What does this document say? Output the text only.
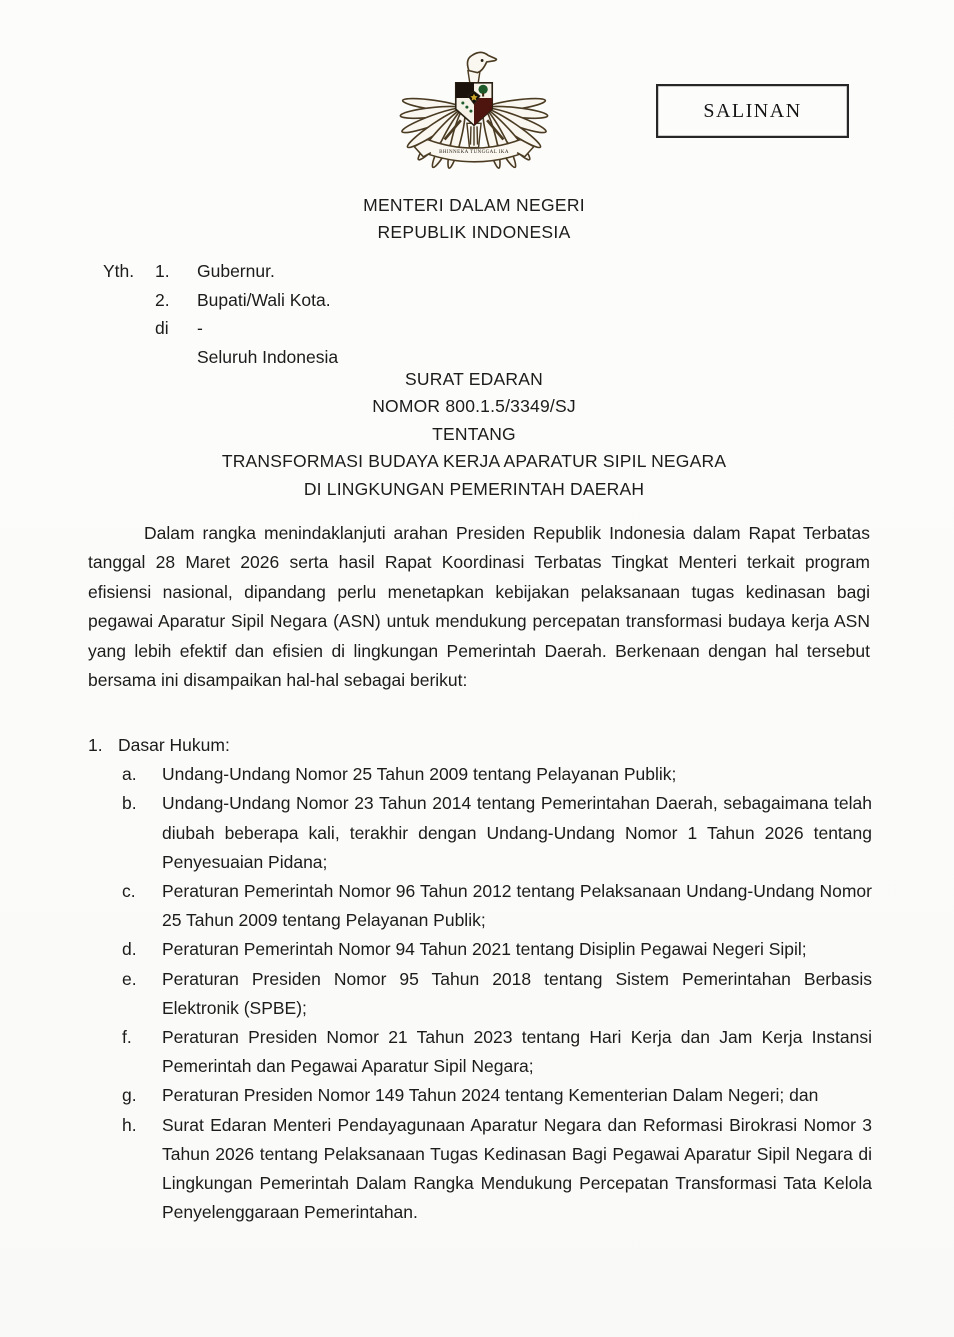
BHINNEKA TUNGGAL IKA
SALINAN
MENTERI DALAM NEGERI
REPUBLIK INDONESIA
Yth.	1.	Gubernur.
2.	Bupati/Wali Kota.
di	-
Seluruh Indonesia
SURAT EDARAN
NOMOR 800.1.5/3349/SJ
TENTANG
TRANSFORMASI BUDAYA KERJA APARATUR SIPIL NEGARA
DI LINGKUNGAN PEMERINTAH DAERAH
Dalam rangka menindaklanjuti arahan Presiden Republik Indonesia dalam Rapat Terbatas tanggal 28 Maret 2026 serta hasil Rapat Koordinasi Terbatas Tingkat Menteri terkait program efisiensi nasional, dipandang perlu menetapkan kebijakan pelaksanaan tugas kedinasan bagi pegawai Aparatur Sipil Negara (ASN) untuk mendukung percepatan transformasi budaya kerja ASN yang lebih efektif dan efisien di lingkungan Pemerintah Daerah. Berkenaan dengan hal tersebut bersama ini disampaikan hal-hal sebagai berikut:
1. Dasar Hukum:
a.	Undang-Undang Nomor 25 Tahun 2009 tentang Pelayanan Publik;
b.	Undang-Undang Nomor 23 Tahun 2014 tentang Pemerintahan Daerah, sebagaimana telah diubah beberapa kali, terakhir dengan Undang-Undang Nomor 1 Tahun 2026 tentang Penyesuaian Pidana;
c.	Peraturan Pemerintah Nomor 96 Tahun 2012 tentang Pelaksanaan Undang-Undang Nomor 25 Tahun 2009 tentang Pelayanan Publik;
d.	Peraturan Pemerintah Nomor 94 Tahun 2021 tentang Disiplin Pegawai Negeri Sipil;
e.	Peraturan Presiden Nomor 95 Tahun 2018 tentang Sistem Pemerintahan Berbasis Elektronik (SPBE);
f.	Peraturan Presiden Nomor 21 Tahun 2023 tentang Hari Kerja dan Jam Kerja Instansi Pemerintah dan Pegawai Aparatur Sipil Negara;
g.	Peraturan Presiden Nomor 149 Tahun 2024 tentang Kementerian Dalam Negeri; dan
h.	Surat Edaran Menteri Pendayagunaan Aparatur Negara dan Reformasi Birokrasi Nomor 3 Tahun 2026 tentang Pelaksanaan Tugas Kedinasan Bagi Pegawai Aparatur Sipil Negara di Lingkungan Pemerintah Dalam Rangka Mendukung Percepatan Transformasi Tata Kelola Penyelenggaraan Pemerintahan.
